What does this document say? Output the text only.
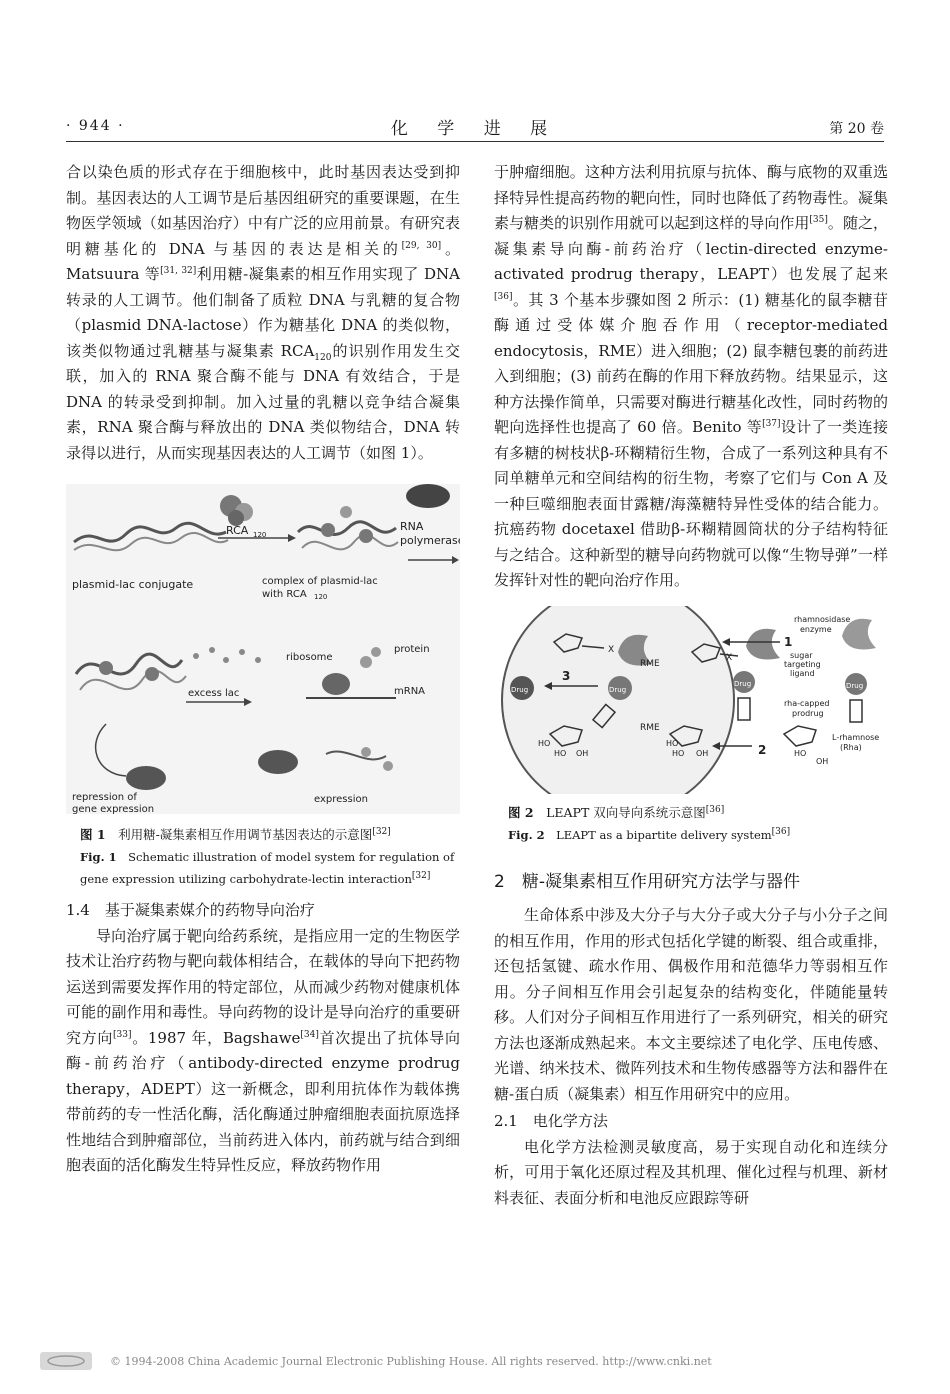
· 944 ·	化 学 进 展	第 20 卷

合以染色质的形式存在于细胞核中，此时基因表达受到抑制。基因表达的人工调节是后基因组研究的重要课题，在生物医学领域（如基因治疗）中有广泛的应用前景。有研究表明糖基化的 DNA 与基因的表达是相关的[29, 30]。Matsuura 等[31, 32]利用糖-凝集素的相互作用实现了 DNA 转录的人工调节。他们制备了质粒 DNA 与乳糖的复合物（plasmid DNA-lactose）作为糖基化 DNA 的类似物，该类似物通过乳糖基与凝集素 $RCA_{120}$的识别作用发生交联，加入的 RNA 聚合酶不能与 DNA 有效结合，于是 DNA 的转录受到抑制。加入过量的乳糖以竞争结合凝集素，RNA 聚合酶与释放出的 DNA 类似物结合，DNA 转录得以进行，从而实现基因表达的人工调节（如图 1）。

RCA 120
RNA
polymerase
plasmid-lac conjugate	complex of plasmid-lac
with RCA 120
excess lac
ribosome
protein
mRNA
repression of
gene expression
expression

图 1　 利用糖-凝集素相互作用调节基因表达的示意图[32]

Fig. 1　 Schematic illustration of model system for regulation of gene expression utilizing carbohydrate-lectin interaction[32]

1.4　基于凝集素媒介的药物导向治疗

导向治疗属于靶向给药系统，是指应用一定的生物医学技术让治疗药物与靶向载体相结合，在载体的导向下把药物运送到需要发挥作用的特定部位，从而减少药物对健康机体可能的副作用和毒性。导向药物的设计是导向治疗的重要研究方向[33]。1987 年，Bagshawe[34]首次提出了抗体导向酶-前药治疗（antibody-directed enzyme prodrug therapy，ADEPT）这一新概念，即利用抗体作为载体携带前药的专一性活化酶，活化酶通过肿瘤细胞表面抗原选择性地结合到肿瘤部位，当前药进入体内，前药就与结合到细胞表面的活化酶发生特异性反应，释放药物作用

于肿瘤细胞。这种方法利用抗原与抗体、酶与底物的双重选择特异性提高药物的靶向性，同时也降低了药物毒性。凝集素与糖类的识别作用就可以起到这样的导向作用[35]。随之，凝集素导向酶-前药治疗（lectin-directed enzyme-activated prodrug therapy，LEAPT）也发展了起来[36]。其 3 个基本步骤如图 2 所示：(1) 糖基化的鼠李糖苷酶通过受体媒介胞吞作用（receptor-mediated endocytosis，RME）进入细胞；(2) 鼠李糖包裹的前药进入到细胞；(3) 前药在酶的作用下释放药物。结果显示，这种方法操作简单，只需要对酶进行糖基化改性，同时药物的靶向选择性也提高了 60 倍。Benito 等[37]设计了一类连接有多糖的树枝状β-环糊精衍生物，合成了一系列这种具有不同单糖单元和空间结构的衍生物，考察了它们与 Con A 及一种巨噬细胞表面甘露糖/海藻糖特异性受体的结合能力。抗癌药物 docetaxel 借助β-环糊精圆筒状的分子结构特征与之结合。这种新型的糖导向药物就可以像“生物导弹”一样发挥针对性的靶向治疗作用。

X
X
rhamnosidase
enzyme
sugar
targeting
ligand
1
RME
RME
Drug
3
Drug
HO
HO OH
Drug	Drug
rha-capped
prodrug
HO
HO OH	HO
OH
L-rhamnose
(Rha)
2

图 2　 LEAPT 双向导向系统示意图[36]

Fig. 2　 LEAPT as a bipartite delivery system[36]

2　糖-凝集素相互作用研究方法学与器件

生命体系中涉及大分子与大分子或大分子与小分子之间的相互作用，作用的形式包括化学键的断裂、组合或重排，还包括氢键、疏水作用、偶极作用和范德华力等弱相互作用。分子间相互作用会引起复杂的结构变化，伴随能量转移。人们对分子间相互作用进行了一系列研究，相关的研究方法也逐渐成熟起来。本文主要综述了电化学、压电传感、光谱、纳米技术、微阵列技术和生物传感器等方法和器件在糖-蛋白质（凝集素）相互作用研究中的应用。

2.1　电化学方法

电化学方法检测灵敏度高，易于实现自动化和连续分析，可用于氧化还原过程及其机理、催化过程与机理、新材料表征、表面分析和电池反应跟踪等研

© 1994-2008 China Academic Journal Electronic Publishing House. All rights reserved. http://www.cnki.net
